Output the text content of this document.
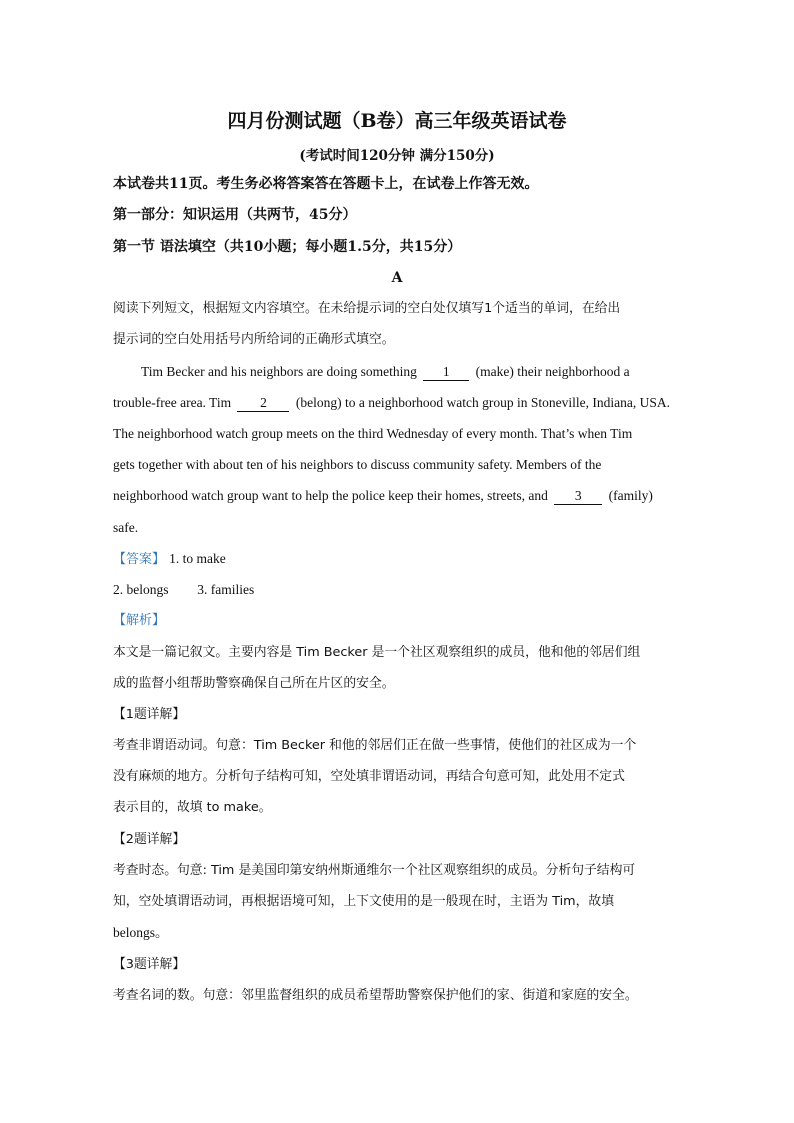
四月份测试题（B卷）高三年级英语试卷
(考试时间120分钟 满分150分)
本试卷共11页。考生务必将答案答在答题卡上，在试卷上作答无效。
第一部分：知识运用（共两节，45分）
第一节 语法填空（共10小题；每小题1.5分，共15分）
A
阅读下列短文，根据短文内容填空。在未给提示词的空白处仅填写1个适当的单词，在给出
提示词的空白处用括号内所给词的正确形式填空。
Tim Becker and his neighbors are doing something 1 (make) their neighborhood a
trouble-free area. Tim 2 (belong) to a neighborhood watch group in Stoneville, Indiana, USA.
The neighborhood watch group meets on the third Wednesday of every month. That’s when Tim
gets together with about ten of his neighbors to discuss community safety. Members of the
neighborhood watch group want to help the police keep their homes, streets, and 3 (family)
safe.
【答案】 1. to make
2. belongs 3. families
【解析】
本文是一篇记叙文。主要内容是 Tim Becker 是一个社区观察组织的成员，他和他的邻居们组
成的监督小组帮助警察确保自己所在片区的安全。
【1题详解】
考查非谓语动词。句意：Tim Becker 和他的邻居们正在做一些事情，使他们的社区成为一个
没有麻烦的地方。分析句子结构可知，空处填非谓语动词，再结合句意可知，此处用不定式
表示目的，故填 to make。
【2题详解】
考查时态。句意: Tim 是美国印第安纳州斯通维尔一个社区观察组织的成员。分析句子结构可
知，空处填谓语动词，再根据语境可知，上下文使用的是一般现在时，主语为 Tim，故填
belongs。
【3题详解】
考查名词的数。句意：邻里监督组织的成员希望帮助警察保护他们的家、街道和家庭的安全。
